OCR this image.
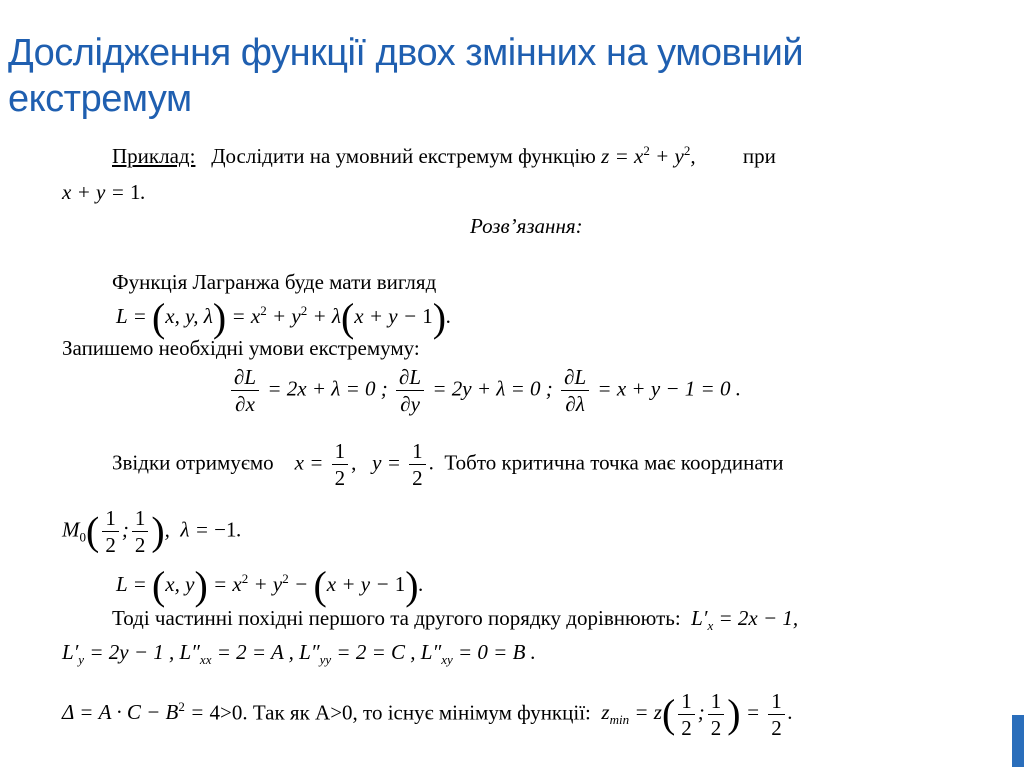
Дослідження функції двох змінних на умовний екстремум
Приклад: Дослідити на умовний екстремум функцію $z = x^2 + y^2$,         при
x + y = 1.
Розв’язання:
Функція Лагранжа буде мати вигляд
L = (x, y, $\lambda) = x^2 + y^2 + \lambda(x + y - 1)$.
Запишемо необхідні умови екстремуму:
$\frac{\partial L}{\partial x} = 2x + \lambda = 0$ ; $\frac{\partial L}{\partial y} = 2y + \lambda = 0$ ; $\frac{\partial L}{\partial\lambda} = x + y - 1 = 0$ .
Звідки отримуємо $x = \frac{1}{2}$ ,   $y = \frac{1}{2}$ .  Тобто критична точка має координати
$M_0( \frac{1}{2}$ ; $\frac{1}{2}$ ),  λ = −1.
L = (x, $y) = x^2 + y^2 - (x + y - 1)$.
Тоді частинні похідні першого та другого порядку дорівнюють: $L'_x = 2x - 1$,
$L'_y = 2y - 1$ , $L''_{xx} = 2 = A$ , $L''_{yy} = 2 = C$ , $L''_{xy} = 0 = B$ .
$\Delta = A \cdot C - B^2 = 4>0$. Так як А>0, то існує мінімум функції: $z_{min} = z( \frac{1}{2}$ ; $\frac{1}{2}$ ) = $\frac{1}{2}$ .
